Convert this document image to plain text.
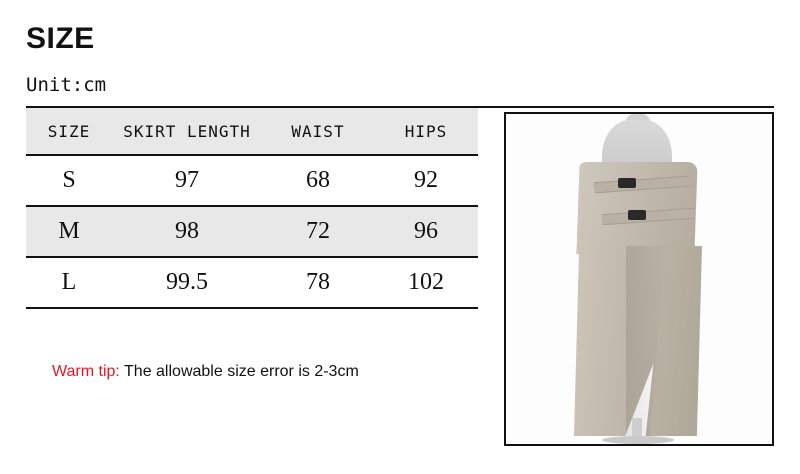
SIZE
Unit:cm
SIZE	SKIRT LENGTH	WAIST	HIPS
S	97	68	92
M	98	72	96
L	99.5	78	102
Warm tip: The allowable size error is 2-3cm
